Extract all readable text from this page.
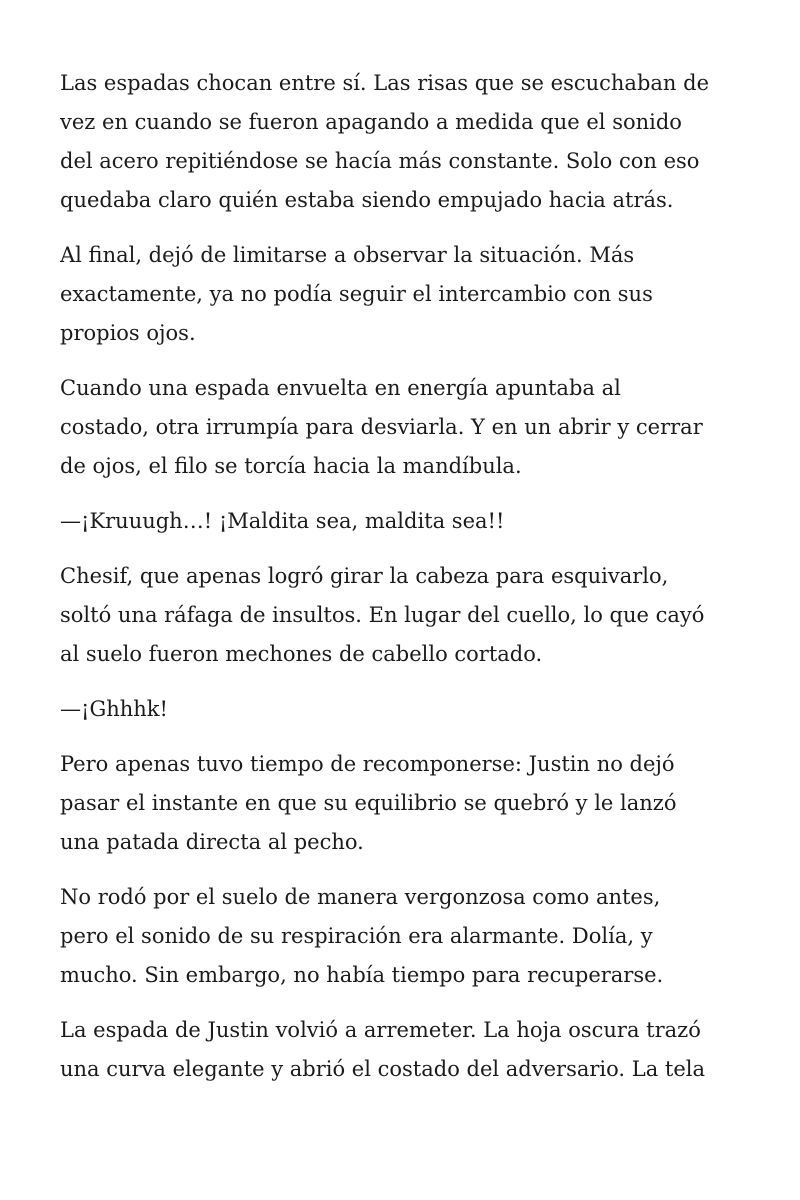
Las espadas chocan entre sí. Las risas que se escuchaban de
vez en cuando se fueron apagando a medida que el sonido
del acero repitiéndose se hacía más constante. Solo con eso
quedaba claro quién estaba siendo empujado hacia atrás.

Al final, dejó de limitarse a observar la situación. Más
exactamente, ya no podía seguir el intercambio con sus
propios ojos.

Cuando una espada envuelta en energía apuntaba al
costado, otra irrumpía para desviarla. Y en un abrir y cerrar
de ojos, el filo se torcía hacia la mandíbula.

—¡Kruuugh…! ¡Maldita sea, maldita sea!!

Chesif, que apenas logró girar la cabeza para esquivarlo,
soltó una ráfaga de insultos. En lugar del cuello, lo que cayó
al suelo fueron mechones de cabello cortado.

—¡Ghhhk!

Pero apenas tuvo tiempo de recomponerse: Justin no dejó
pasar el instante en que su equilibrio se quebró y le lanzó
una patada directa al pecho.

No rodó por el suelo de manera vergonzosa como antes,
pero el sonido de su respiración era alarmante. Dolía, y
mucho. Sin embargo, no había tiempo para recuperarse.

La espada de Justin volvió a arremeter. La hoja oscura trazó
una curva elegante y abrió el costado del adversario. La tela
